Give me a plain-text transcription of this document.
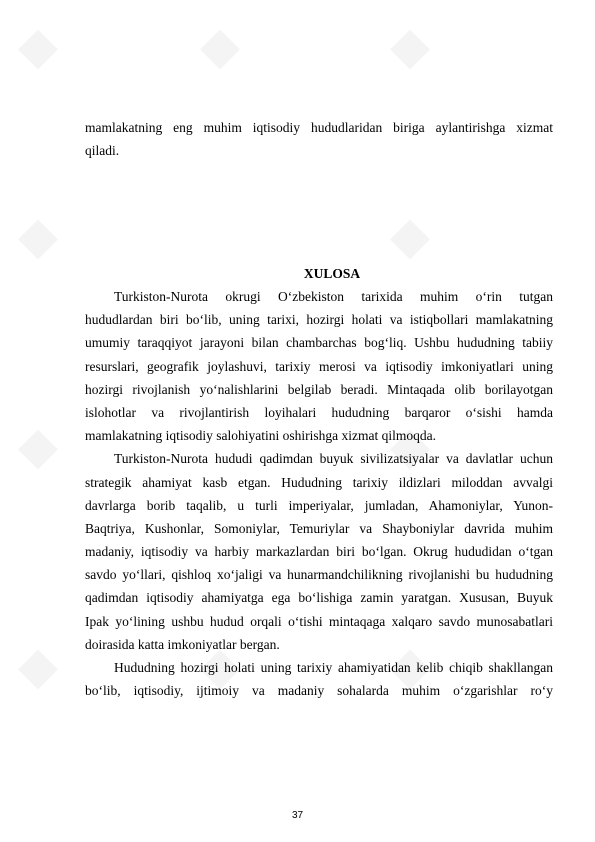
◆	◆	◆
◆	◆
◆	◆
◆	◆	◆
mamlakatning eng muhim iqtisodiy hududlaridan biriga aylantirishga xizmat
qiladi.
XULOSA
Turkiston-Nurota okrugi O‘zbekiston tarixida muhim o‘rin tutgan
hududlardan biri bo‘lib, uning tarixi, hozirgi holati va istiqbollari mamlakatning
umumiy taraqqiyot jarayoni bilan chambarchas bog‘liq. Ushbu hududning tabiiy
resurslari, geografik joylashuvi, tarixiy merosi va iqtisodiy imkoniyatlari uning
hozirgi rivojlanish yo‘nalishlarini belgilab beradi. Mintaqada olib borilayotgan
islohotlar va rivojlantirish loyihalari hududning barqaror o‘sishi hamda
mamlakatning iqtisodiy salohiyatini oshirishga xizmat qilmoqda.
Turkiston-Nurota hududi qadimdan buyuk sivilizatsiyalar va davlatlar uchun
strategik ahamiyat kasb etgan. Hududning tarixiy ildizlari miloddan avvalgi
davrlarga borib taqalib, u turli imperiyalar, jumladan, Ahamoniylar, Yunon-
Baqtriya, Kushonlar, Somoniylar, Temuriylar va Shayboniylar davrida muhim
madaniy, iqtisodiy va harbiy markazlardan biri bo‘lgan. Okrug hududidan o‘tgan
savdo yo‘llari, qishloq xo‘jaligi va hunarmandchilikning rivojlanishi bu hududning
qadimdan iqtisodiy ahamiyatga ega bo‘lishiga zamin yaratgan. Xususan, Buyuk
Ipak yo‘lining ushbu hudud orqali o‘tishi mintaqaga xalqaro savdo munosabatlari
doirasida katta imkoniyatlar bergan.
Hududning hozirgi holati uning tarixiy ahamiyatidan kelib chiqib shakllangan
bo‘lib, iqtisodiy, ijtimoiy va madaniy sohalarda muhim o‘zgarishlar ro‘y
37
